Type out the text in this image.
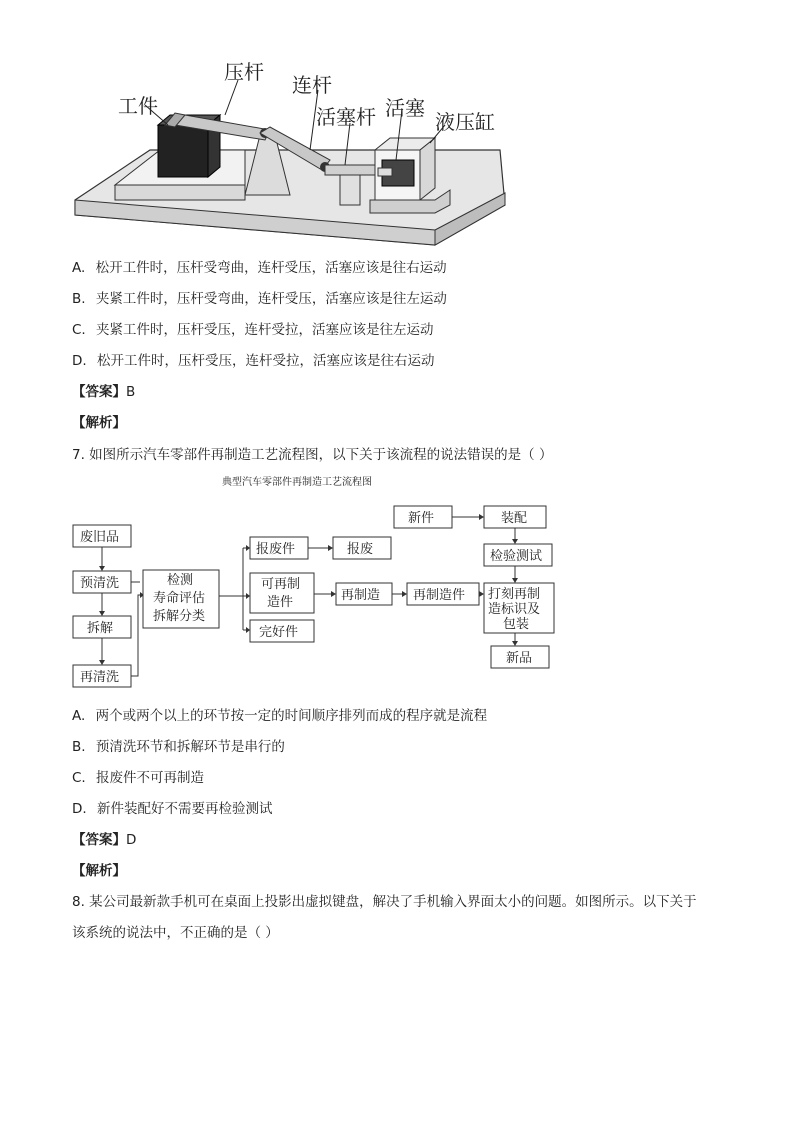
工件
压杆
连杆
活塞杆 活塞
液压缸
A. 松开工件时，压杆受弯曲，连杆受压，活塞应该是往右运动
B. 夹紧工件时，压杆受弯曲，连杆受压，活塞应该是往左运动
C. 夹紧工件时，压杆受压，连杆受拉，活塞应该是往左运动
D. 松开工件时，压杆受压，连杆受拉，活塞应该是往右运动
【答案】B
【解析】
7. 如图所示汽车零部件再制造工艺流程图，以下关于该流程的说法错误的是（ ）
典型汽车零部件再制造工艺流程图
废旧品
预清洗
拆解
再清洗
检测
寿命评估
拆解分类
报废件	报废
可再制
造件
完好件
再制造	再制造件
新件	装配
检验测试
打刻再制
造标识及
包装
新品
A. 两个或两个以上的环节按一定的时间顺序排列而成的程序就是流程
B. 预清洗环节和拆解环节是串行的
C. 报废件不可再制造
D. 新件装配好不需要再检验测试
【答案】D
【解析】
8. 某公司最新款手机可在桌面上投影出虚拟键盘，解决了手机输入界面太小的问题。如图所示。以下关于
该系统的说法中，不正确的是（ ）
